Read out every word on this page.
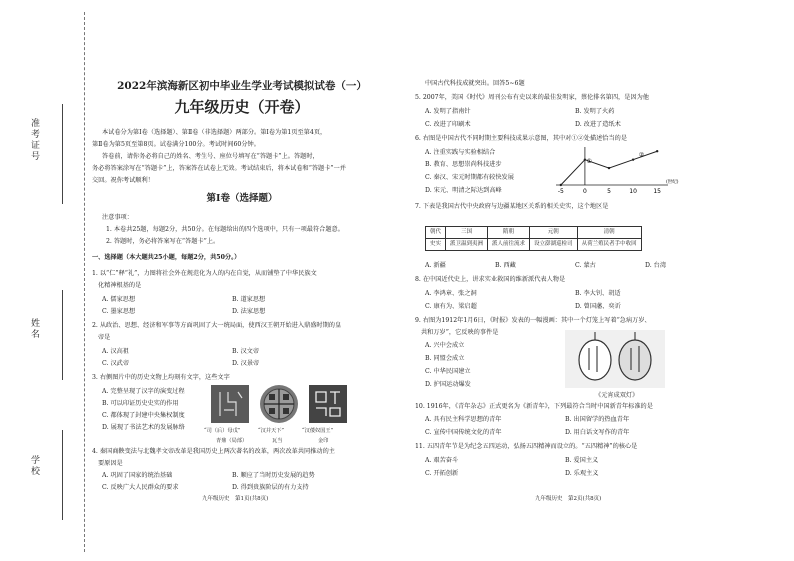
准考证号
姓名
学校
2022年滨海新区初中毕业生学业考试模拟试卷（一）
九年级历史（开卷）
本试卷分为第Ⅰ卷（选择题）、第Ⅱ卷（非选择题）两部分。第Ⅰ卷为第1页至第4页，
第Ⅱ卷为第5页至第8页。试卷满分100分。考试时间60分钟。
答卷前，请你务必将自己的姓名、考生号、座位号填写在“答题卡”上。答题时，
务必将答案涂写在“答题卡”上，答案答在试卷上无效。考试结束后，将本试卷和“答题卡”一并
交回。祝你考试顺利！
第Ⅰ卷（选择题）
注意事项：
1. 本卷共25题，每题2分，共50分。在每题给出的四个选项中，只有一项最符合题意。
2. 答题时，务必将答案写在“答题卡”上。
一、选择题（本大题共25小题，每题2分，共50分。）
1. 以“仁”释“礼”，力图将社会外在规范化为人的内在自觉，从而铺垫了中华民族文
化精神根基的是
A. 儒家思想	B. 道家思想
C. 墨家思想	D. 法家思想
2. 从政治、思想、经济和军事等方面巩固了大一统局面，使西汉王朝开始进入鼎盛时期的皇
帝是
A. 汉高祖	B. 汉文帝
C. 汉武帝	D. 汉景帝
3. 右侧图片中的历史文物上均刻有文字，这些文字
A. 完整呈现了汉字的演变过程
B. 可以印证历史史实的作用
C. 都体现了封建中央集权制度
D. 展现了书法艺术的发展脉络	“司（后）母戊”	“汉并天下”	“汉倭奴国王”
青鼎（局部）	瓦当	金印
4. 秦国商鞅变法与北魏孝文帝改革是我国历史上两次著名的改革，两次改革共同推动的主
要原因是
A. 巩固了国家的统治基础	B. 顺应了当时历史发展的趋势
C. 反映广大人民群众的要求	D. 得到贵族阶层的有力支持
九年级历史　第1页(共8页)
中国古代科技成就突出。回答5~6题
5. 2007年，美国《时代》周刊公布有史以来的最佳发明家，蔡伦排名第四，是因为他
A. 发明了指南针	B. 发明了火药
C. 改进了印刷术	D. 改进了造纸术
6. 右图是中国古代不同时期主要科技成果示意图，其中对①②处描述恰当的是
A. 注重实践与实验相结合
B. 教育、思想崇尚科技进步
C. 秦汉、宋元时期都有较快发展
D. 宋元、明清之际达到高峰	-5	0	5	10	15
(世纪)
①
②
7. 下表是我国古代中央政府与边疆某地区关系的相关史实，这个地区是
朝代	三国	隋朝	元朝	清朝
史实	派卫温到夷洲	派人前往流求	设立澎湖巡检司	从荷兰殖民者手中收回
A. 新疆	B. 西藏	C. 蒙古	D. 台湾
8. 在中国近代史上，讲求实业救国的维新派代表人物是
A. 李鸿章、张之洞	B. 李大钊、胡适
C. 康有为、梁启超	D. 曾国藩、奕䜣
9. 右图为1912年1月6日，《时报》发表的一幅漫画：其中一个灯笼上写着“急病万岁、
共和万岁”，它反映的事件是
A. 兴中会成立
B. 同盟会成立
C. 中华民国建立
D. 护国运动爆发
《元宵成双灯》
10. 1916年，《青年杂志》正式更名为《新青年》，下列最符合当时中国新青年标准的是
A. 具有民主科学思想的青年	B. 出国留学的热血青年
C. 宣传中国传统文化的青年	D. 用白话文写作的青年
11. 五四青年节是为纪念五四运动，弘扬五四精神而设立的。“五四精神”的核心是
A. 艰苦奋斗	B. 爱国主义
C. 开拓创新	D. 乐观主义
九年级历史　第2页(共8页)
